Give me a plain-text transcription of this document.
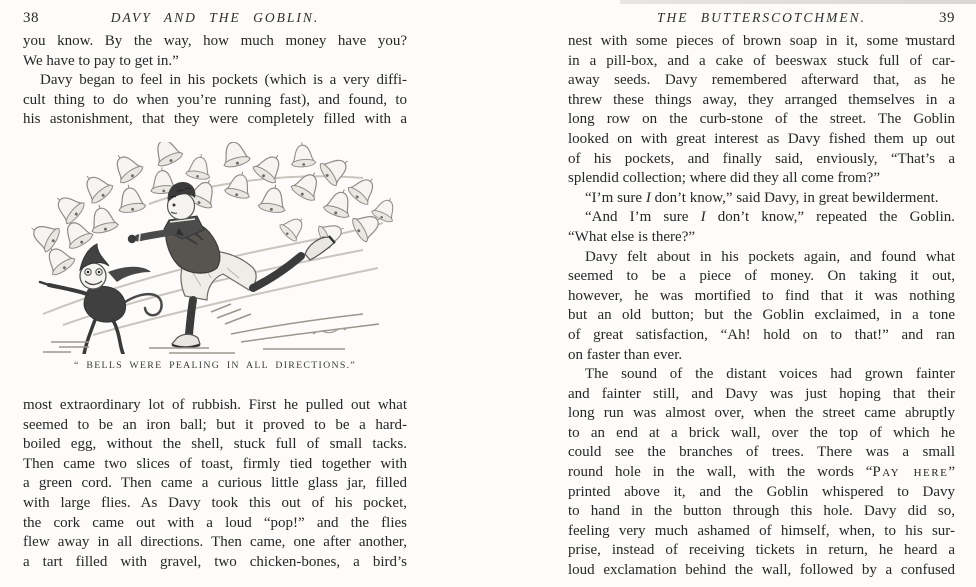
38	DAVY AND THE GOBLIN.
you know. By the way, how much money have you?
We have to pay to get in.”
Davy began to feel in his pockets (which is a very diffi-
cult thing to do when you’re running fast), and found, to
his astonishment, that they were completely filled with a
“ BELLS WERE PEALING IN ALL DIRECTIONS.”
most extraordinary lot of rubbish. First he pulled out what
seemed to be an iron ball; but it proved to be a hard-
boiled egg, without the shell, stuck full of small tacks.
Then came two slices of toast, firmly tied together with
a green cord. Then came a curious little glass jar, filled
with large flies. As Davy took this out of his pocket,
the cork came out with a loud “pop!” and the flies
flew away in all directions. Then came, one after another,
a tart filled with gravel, two chicken-bones, a bird’s
THE BUTTERSCOTCHMEN.	39
nest with some pieces of brown soap in it, some mustard
in a pill-box, and a cake of beeswax stuck full of car-
away seeds. Davy remembered afterward that, as he
threw these things away, they arranged themselves in a
long row on the curb-stone of the street. The Goblin
looked on with great interest as Davy fished them up out
of his pockets, and finally said, enviously, “That’s a
splendid collection; where did they all come from?”
“I’m sure I don’t know,” said Davy, in great bewilderment.
“And I’m sure I don’t know,” repeated the Goblin.
“What else is there?”
Davy felt about in his pockets again, and found what
seemed to be a piece of money. On taking it out,
however, he was mortified to find that it was nothing
but an old button; but the Goblin exclaimed, in a tone
of great satisfaction, “Ah! hold on to that!” and ran
on faster than ever.
The sound of the distant voices had grown fainter
and fainter still, and Davy was just hoping that their
long run was almost over, when the street came abruptly
to an end at a brick wall, over the top of which he
could see the branches of trees. There was a small
round hole in the wall, with the words “Pay here”
printed above it, and the Goblin whispered to Davy
to hand in the button through this hole. Davy did so,
feeling very much ashamed of himself, when, to his sur-
prise, instead of receiving tickets in return, he heard a
loud exclamation behind the wall, followed by a confused
